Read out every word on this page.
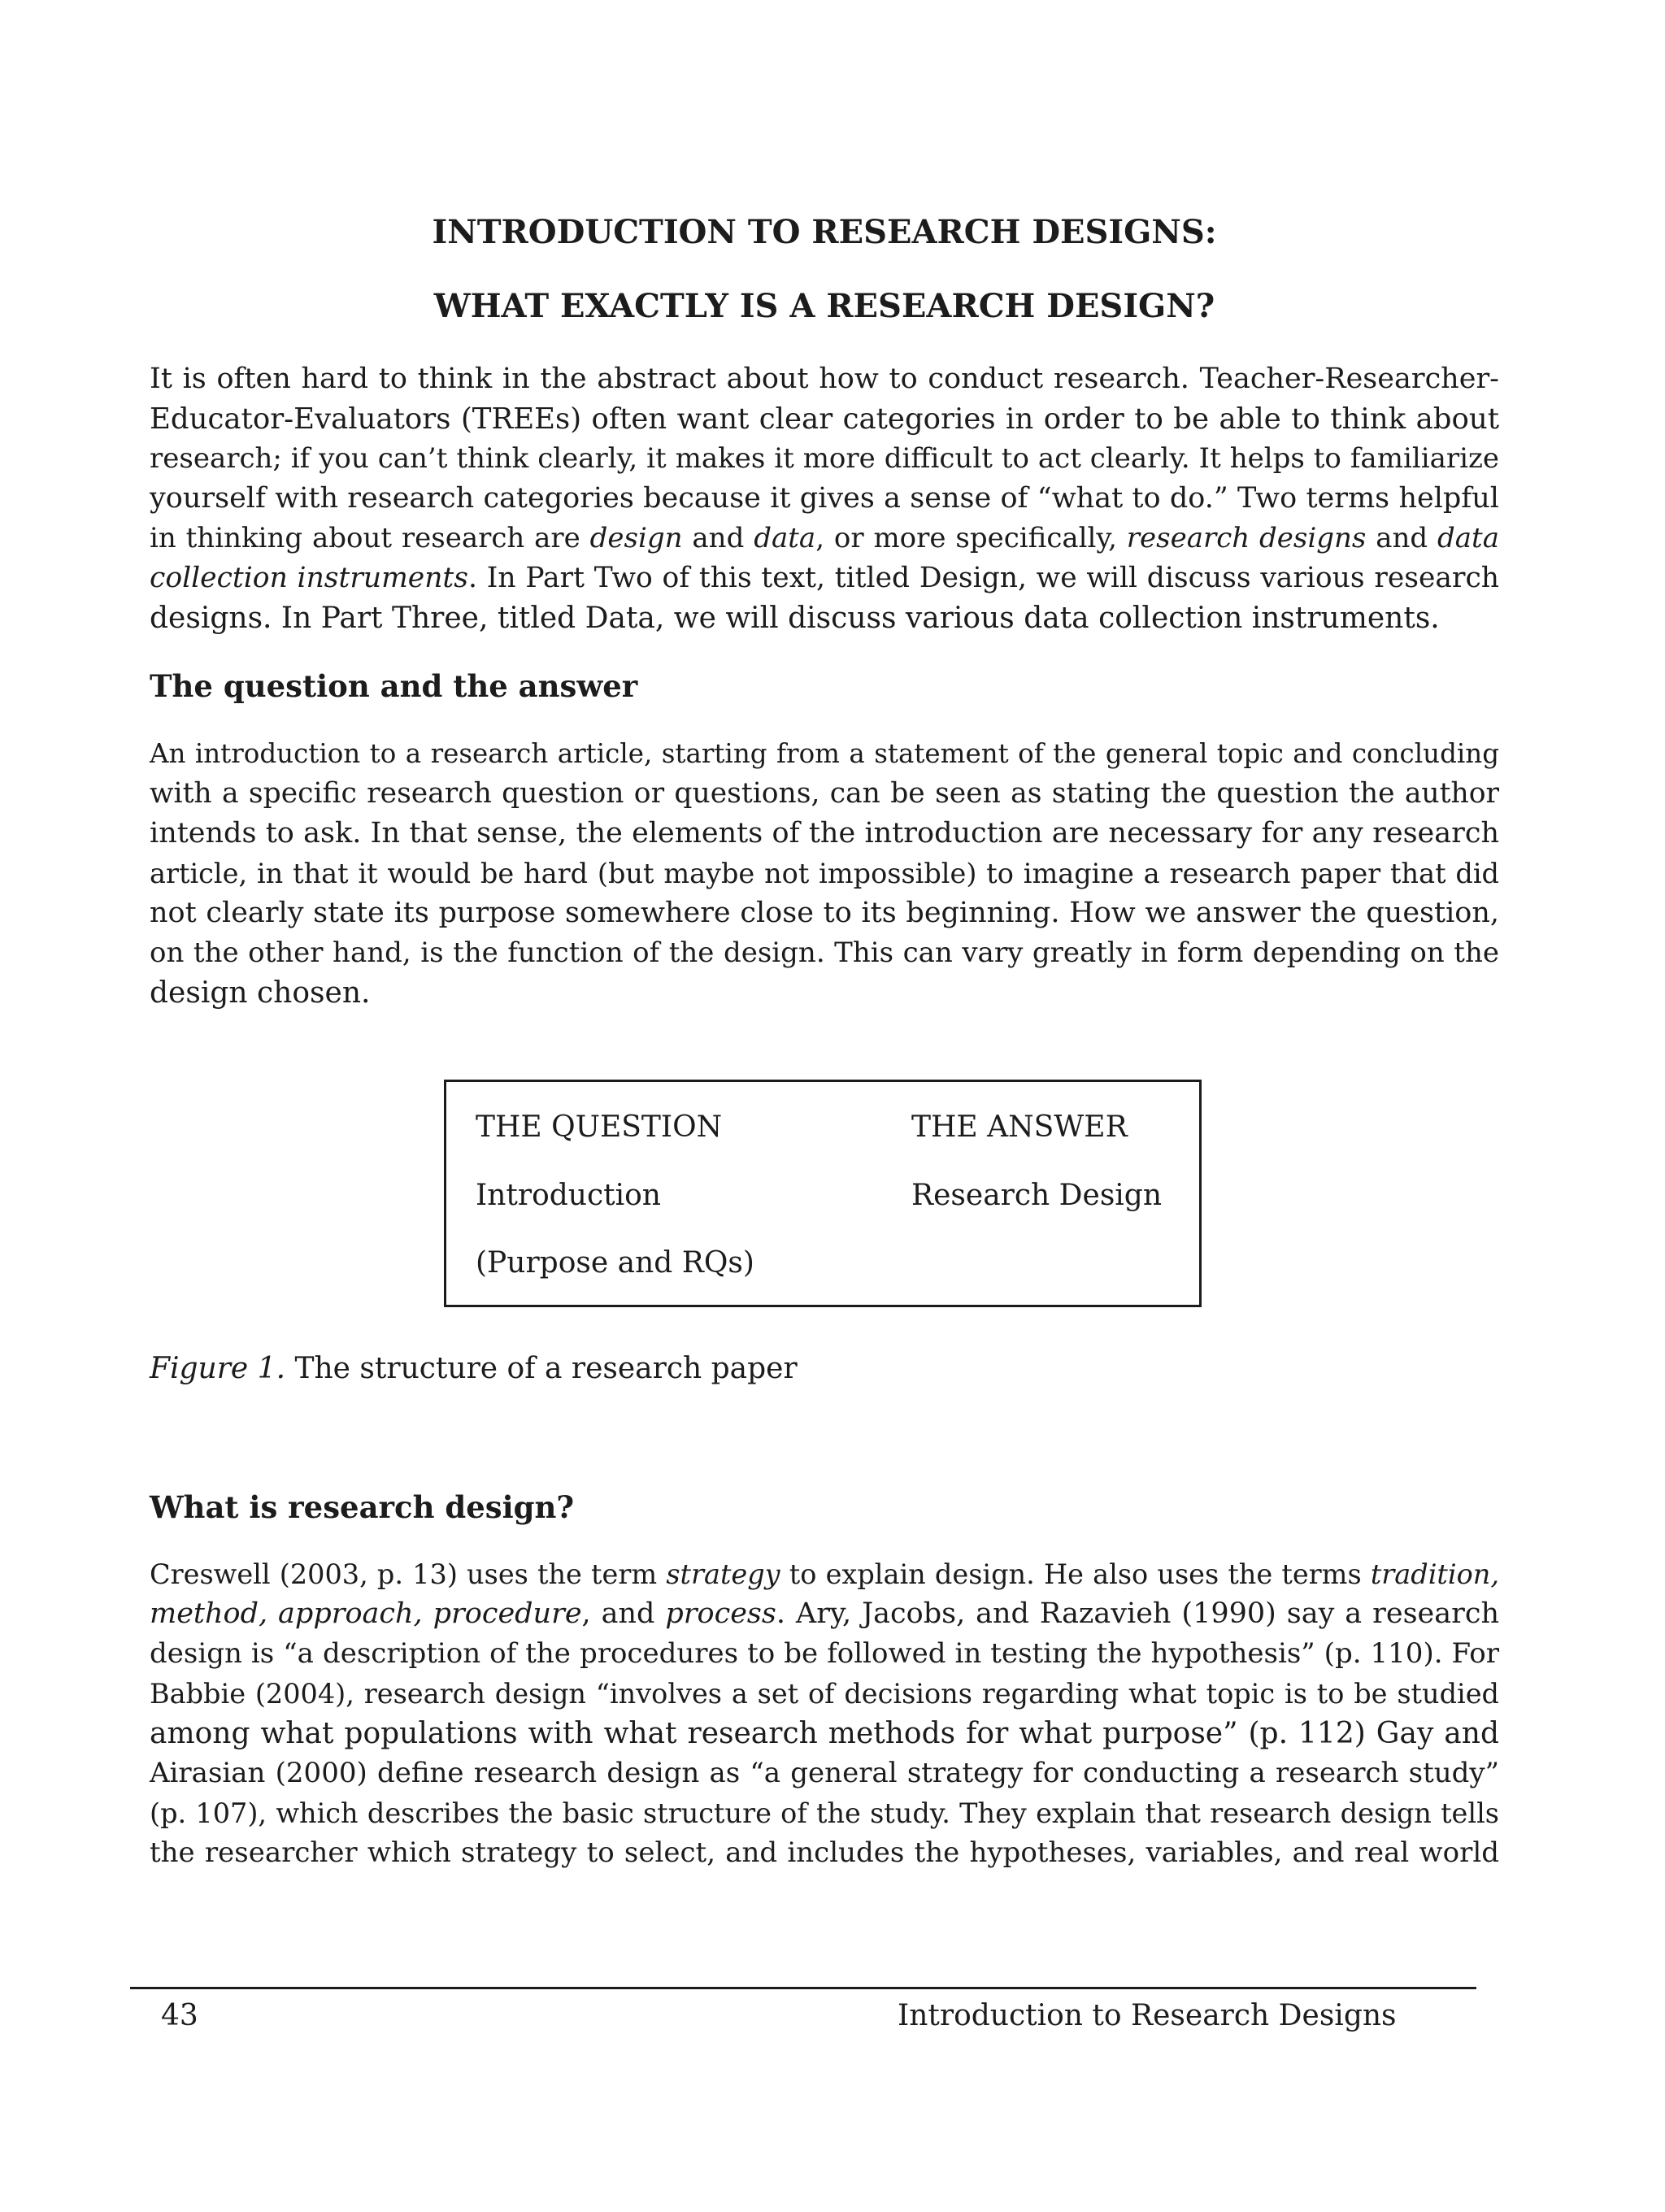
INTRODUCTION TO RESEARCH DESIGNS:
WHAT EXACTLY IS A RESEARCH DESIGN?
It is often hard to think in the abstract about how to conduct research. Teacher-Researcher-
Educator-Evaluators (TREEs) often want clear categories in order to be able to think about
research; if you can’t think clearly, it makes it more difficult to act clearly. It helps to familiarize
yourself with research categories because it gives a sense of “what to do.” Two terms helpful
in thinking about research are design and data, or more specifically, research designs and data
collection instruments. In Part Two of this text, titled Design, we will discuss various research
designs. In Part Three, titled Data, we will discuss various data collection instruments.
The question and the answer
An introduction to a research article, starting from a statement of the general topic and concluding
with a specific research question or questions, can be seen as stating the question the author
intends to ask. In that sense, the elements of the introduction are necessary for any research
article, in that it would be hard (but maybe not impossible) to imagine a research paper that did
not clearly state its purpose somewhere close to its beginning. How we answer the question,
on the other hand, is the function of the design. This can vary greatly in form depending on the
design chosen.
Figure 1. The structure of a research paper
What is research design?
Creswell (2003, p. 13) uses the term strategy to explain design. He also uses the terms tradition,
method, approach, procedure, and process. Ary, Jacobs, and Razavieh (1990) say a research
design is “a description of the procedures to be followed in testing the hypothesis” (p. 110). For
Babbie (2004), research design “involves a set of decisions regarding what topic is to be studied
among what populations with what research methods for what purpose” (p. 112) Gay and
Airasian (2000) define research design as “a general strategy for conducting a research study”
(p. 107), which describes the basic structure of the study. They explain that research design tells
the researcher which strategy to select, and includes the hypotheses, variables, and real world
THE QUESTION
Introduction
(Purpose and RQs)
THE ANSWER
Research Design
43	Introduction to Research Designs
